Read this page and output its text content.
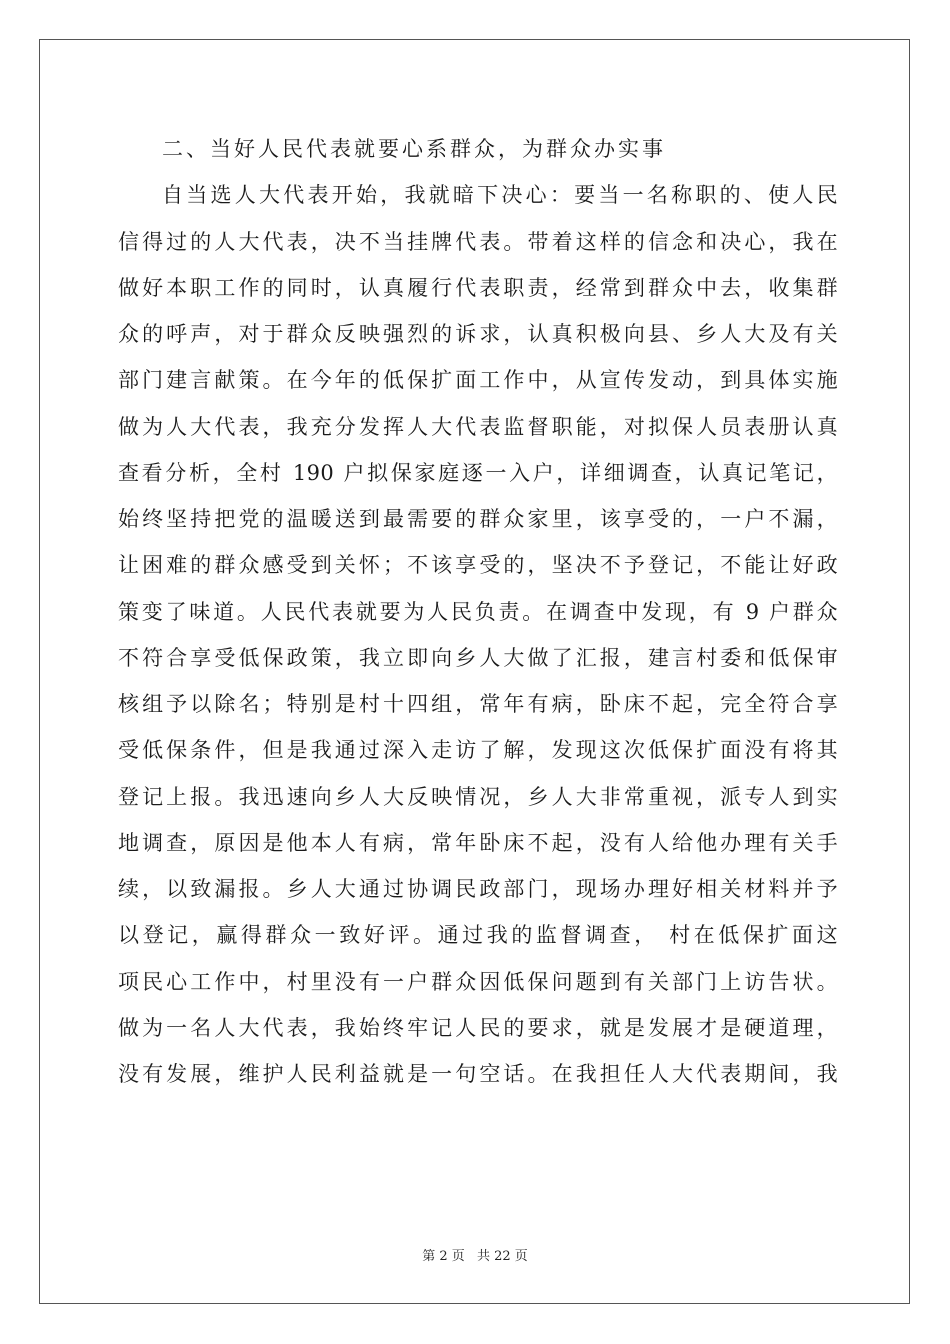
二、当好人民代表就要心系群众，为群众办实事
自当选人大代表开始，我就暗下决心：要当一名称职的、使人民
信得过的人大代表，决不当挂牌代表。带着这样的信念和决心，我在
做好本职工作的同时，认真履行代表职责，经常到群众中去，收集群
众的呼声，对于群众反映强烈的诉求，认真积极向县、乡人大及有关
部门建言献策。在今年的低保扩面工作中，从宣传发动，到具体实施
做为人大代表，我充分发挥人大代表监督职能，对拟保人员表册认真
查看分析，全村 190 户拟保家庭逐一入户，详细调查，认真记笔记，
始终坚持把党的温暖送到最需要的群众家里，该享受的，一户不漏，
让困难的群众感受到关怀；不该享受的，坚决不予登记，不能让好政
策变了味道。人民代表就要为人民负责。在调查中发现，有 9 户群众
不符合享受低保政策，我立即向乡人大做了汇报，建言村委和低保审
核组予以除名；特别是村十四组，常年有病，卧床不起，完全符合享
受低保条件，但是我通过深入走访了解，发现这次低保扩面没有将其
登记上报。我迅速向乡人大反映情况，乡人大非常重视，派专人到实
地调查，原因是他本人有病，常年卧床不起，没有人给他办理有关手
续，以致漏报。乡人大通过协调民政部门，现场办理好相关材料并予
以登记，赢得群众一致好评。通过我的监督调查， 村在低保扩面这
项民心工作中，村里没有一户群众因低保问题到有关部门上访告状。
做为一名人大代表，我始终牢记人民的要求，就是发展才是硬道理，
没有发展，维护人民利益就是一句空话。在我担任人大代表期间，我
第 2 页 共 22 页
